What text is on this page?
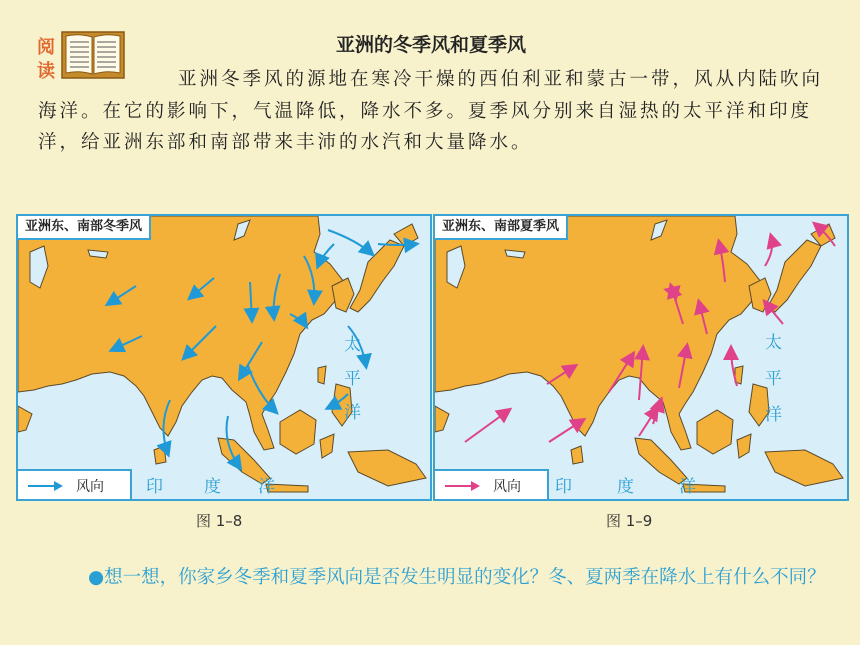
阅
读
亚洲的冬季风和夏季风
亚洲冬季风的源地在寒冷干燥的西伯利亚和蒙古一带，风从内陆吹向海洋。在它的影响下，气温降低，降水不多。夏季风分别来自湿热的太平洋和印度洋，给亚洲东部和南部带来丰沛的水汽和大量降水。
亚洲东、南部冬季风
太
平
洋
印 度 洋
风向
亚洲东、南部夏季风
太
平
洋
印	度	洋
风向
图 1–8	图 1–9
●想一想，你家乡冬季和夏季风向是否发生明显的变化？冬、夏两季在降水上有什么不同？
